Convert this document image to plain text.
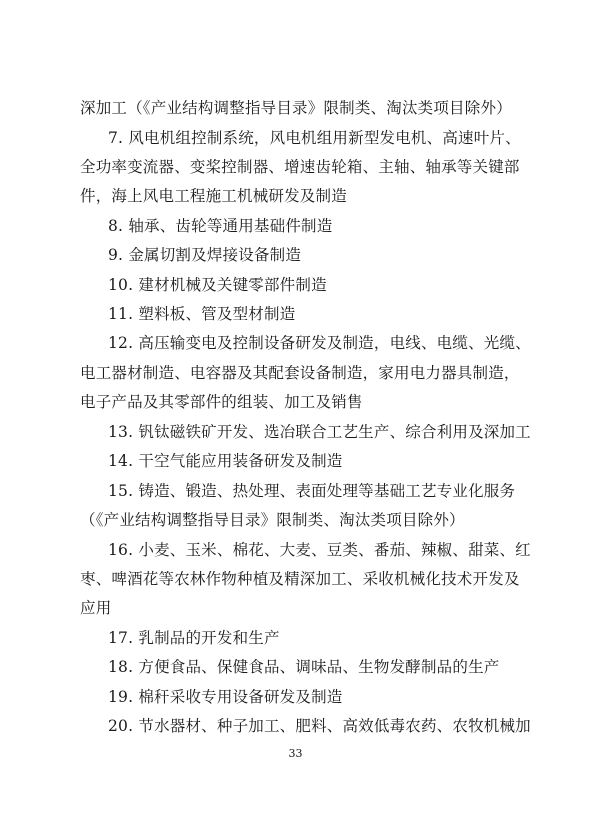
深加工（《产业结构调整指导目录》限制类、淘汰类项目除外）
7. 风电机组控制系统，风电机组用新型发电机、高速叶片、
全功率变流器、变桨控制器、增速齿轮箱、主轴、轴承等关键部
件，海上风电工程施工机械研发及制造
8. 轴承、齿轮等通用基础件制造
9. 金属切割及焊接设备制造
10. 建材机械及关键零部件制造
11. 塑料板、管及型材制造
12. 高压输变电及控制设备研发及制造，电线、电缆、光缆、
电工器材制造、电容器及其配套设备制造，家用电力器具制造，
电子产品及其零部件的组装、加工及销售
13. 钒钛磁铁矿开发、选冶联合工艺生产、综合利用及深加工
14. 干空气能应用装备研发及制造
15. 铸造、锻造、热处理、表面处理等基础工艺专业化服务
（《产业结构调整指导目录》限制类、淘汰类项目除外）
16. 小麦、玉米、棉花、大麦、豆类、番茄、辣椒、甜菜、红
枣、啤酒花等农林作物种植及精深加工、采收机械化技术开发及
应用
17. 乳制品的开发和生产
18. 方便食品、保健食品、调味品、生物发酵制品的生产
19. 棉秆采收专用设备研发及制造
20. 节水器材、种子加工、肥料、高效低毒农药、农牧机械加
33
